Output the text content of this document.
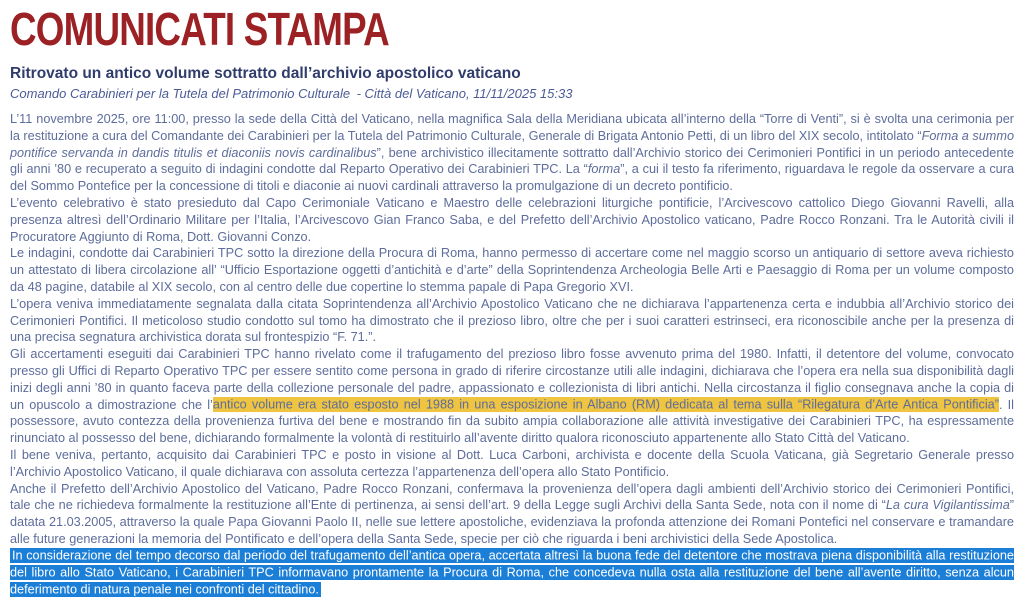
COMUNICATI STAMPA
Ritrovato un antico volume sottratto dall’archivio apostolico vaticano
Comando Carabinieri per la Tutela del Patrimonio Culturale - Città del Vaticano, 11/11/2025 15:33

L’11 novembre 2025, ore 11:00, presso la sede della Città del Vaticano, nella magnifica Sala della Meridiana ubicata all’interno della “Torre di Venti”, si è svolta una cerimonia per la restituzione a cura del Comandante dei Carabinieri per la Tutela del Patrimonio Culturale, Generale di Brigata Antonio Petti, di un libro del XIX secolo, intitolato “Forma a summo pontifice servanda in dandis titulis et diaconiis novis cardinalibus”, bene archivistico illecitamente sottratto dall’Archivio storico dei Cerimonieri Pontifici in un periodo antecedente gli anni ’80 e recuperato a seguito di indagini condotte dal Reparto Operativo dei Carabinieri TPC. La “forma”, a cui il testo fa riferimento, riguardava le regole da osservare a cura del Sommo Pontefice per la concessione di titoli e diaconie ai nuovi cardinali attraverso la promulgazione di un decreto pontificio.

L’evento celebrativo è stato presieduto dal Capo Cerimoniale Vaticano e Maestro delle celebrazioni liturgiche pontificie, l’Arcivescovo cattolico Diego Giovanni Ravelli, alla presenza altresì dell’Ordinario Militare per l’Italia, l’Arcivescovo Gian Franco Saba, e del Prefetto dell’Archivio Apostolico vaticano, Padre Rocco Ronzani. Tra le Autorità civili il Procuratore Aggiunto di Roma, Dott. Giovanni Conzo.

Le indagini, condotte dai Carabinieri TPC sotto la direzione della Procura di Roma, hanno permesso di accertare come nel maggio scorso un antiquario di settore aveva richiesto un attestato di libera circolazione all’ “Ufficio Esportazione oggetti d’antichità e d’arte” della Soprintendenza Archeologia Belle Arti e Paesaggio di Roma per un volume composto da 48 pagine, databile al XIX secolo, con al centro delle due copertine lo stemma papale di Papa Gregorio XVI.

L’opera veniva immediatamente segnalata dalla citata Soprintendenza all’Archivio Apostolico Vaticano che ne dichiarava l’appartenenza certa e indubbia all’Archivio storico dei Cerimonieri Pontifici. Il meticoloso studio condotto sul tomo ha dimostrato che il prezioso libro, oltre che per i suoi caratteri estrinseci, era riconoscibile anche per la presenza di una precisa segnatura archivistica dorata sul frontespizio “F. 71.”.

Gli accertamenti eseguiti dai Carabinieri TPC hanno rivelato come il trafugamento del prezioso libro fosse avvenuto prima del 1980. Infatti, il detentore del volume, convocato presso gli Uffici di Reparto Operativo TPC per essere sentito come persona in grado di riferire circostanze utili alle indagini, dichiarava che l’opera era nella sua disponibilità dagli inizi degli anni ’80 in quanto faceva parte della collezione personale del padre, appassionato e collezionista di libri antichi. Nella circostanza il figlio consegnava anche la copia di un opuscolo a dimostrazione che l’antico volume era stato esposto nel 1988 in una esposizione in Albano (RM) dedicata al tema sulla “Rilegatura d’Arte Antica Pontificia”. Il possessore, avuto contezza della provenienza furtiva del bene e mostrando fin da subito ampia collaborazione alle attività investigative dei Carabinieri TPC, ha espressamente rinunciato al possesso del bene, dichiarando formalmente la volontà di restituirlo all’avente diritto qualora riconosciuto appartenente allo Stato Città del Vaticano.

Il bene veniva, pertanto, acquisito dai Carabinieri TPC e posto in visione al Dott. Luca Carboni, archivista e docente della Scuola Vaticana, già Segretario Generale presso l’Archivio Apostolico Vaticano, il quale dichiarava con assoluta certezza l’appartenenza dell’opera allo Stato Pontificio.

Anche il Prefetto dell’Archivio Apostolico del Vaticano, Padre Rocco Ronzani, confermava la provenienza dell’opera dagli ambienti dell’Archivio storico dei Cerimonieri Pontifici, tale che ne richiedeva formalmente la restituzione all’Ente di pertinenza, ai sensi dell’art. 9 della Legge sugli Archivi della Santa Sede, nota con il nome di “La cura Vigilantissima” datata 21.03.2005, attraverso la quale Papa Giovanni Paolo II, nelle sue lettere apostoliche, evidenziava la profonda attenzione dei Romani Pontefici nel conservare e tramandare alle future generazioni la memoria del Pontificato e dell’opera della Santa Sede, specie per ciò che riguarda i beni archivistici della Sede Apostolica.

In considerazione del tempo decorso dal periodo del trafugamento dell’antica opera, accertata altresì la buona fede del detentore che mostrava piena disponibilità alla restituzione del libro allo Stato Vaticano, i Carabinieri TPC informavano prontamente la Procura di Roma, che concedeva nulla osta alla restituzione del bene all’avente diritto, senza alcun deferimento di natura penale nei confronti del cittadino.
